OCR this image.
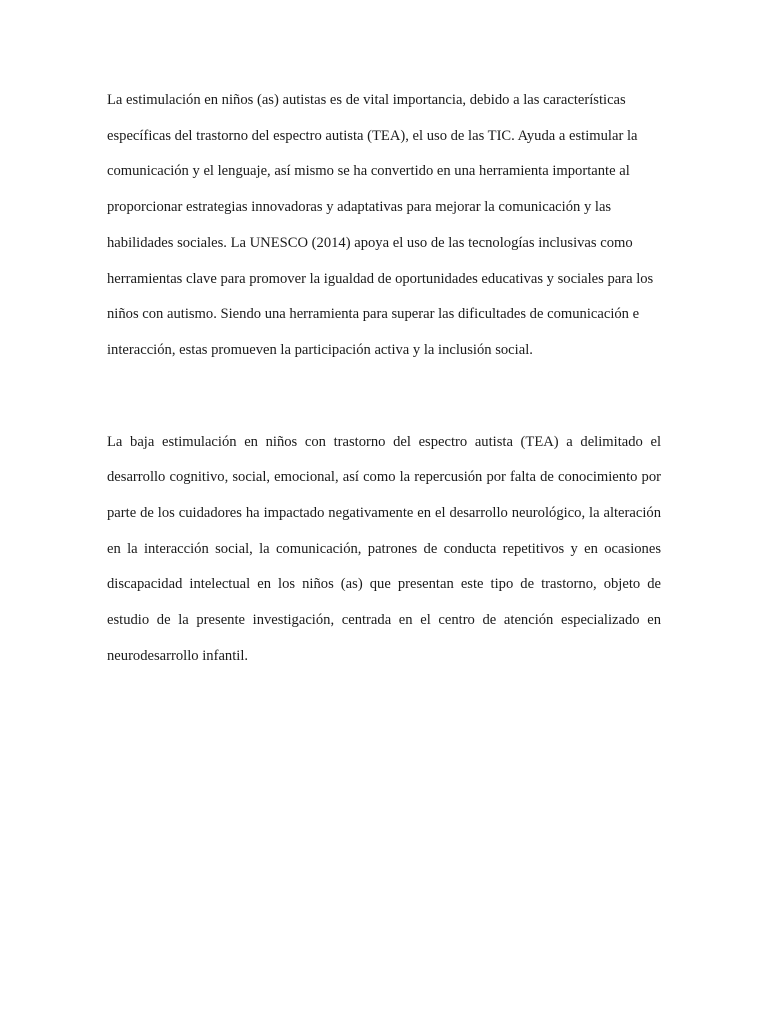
La estimulación en niños (as) autistas es de vital importancia, debido a las características específicas del trastorno del espectro autista (TEA), el uso de las TIC. Ayuda a estimular la comunicación y el lenguaje, así mismo se ha convertido en una herramienta importante al proporcionar estrategias innovadoras y adaptativas para mejorar la comunicación y las habilidades sociales. La UNESCO (2014) apoya el uso de las tecnologías inclusivas como herramientas clave para promover la igualdad de oportunidades educativas y sociales para los niños con autismo. Siendo una herramienta para superar las dificultades de comunicación e interacción, estas promueven la participación activa y la inclusión social.

La baja estimulación en niños con trastorno del espectro autista (TEA) a delimitado el desarrollo cognitivo, social, emocional, así como la repercusión por falta de conocimiento por parte de los cuidadores ha impactado negativamente en el desarrollo neurológico, la alteración en la interacción social, la comunicación, patrones de conducta repetitivos y en ocasiones discapacidad intelectual en los niños (as) que presentan este tipo de trastorno, objeto de estudio de la presente investigación, centrada en el centro de atención especializado en neurodesarrollo infantil.
